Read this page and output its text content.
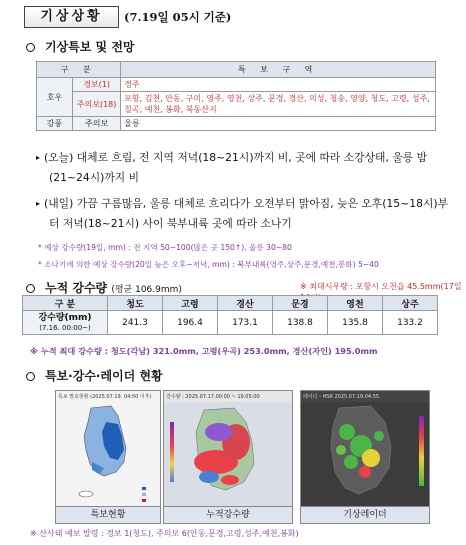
기상상황	(7.19일 05시 기준)
기상특보 및 전망
구 분		특 보 구 역
호우	경보(1)	경주
	주의보(18)	포항, 김천, 안동, 구미, 영주, 영천, 상주, 문경, 경산, 의성, 청송, 영양, 청도, 고령, 성주, 칠곡, 예천, 봉화, 북동산지
강풍	주의보	울릉
▸ (오늘) 대체로 흐림, 전 지역 저녁(18~21시)까지 비, 곳에 따라 소강상태, 울릉 밤(21~24시)까지 비
▸ (내일) 가끔 구름많음, 울릉 대체로 흐리다가 오전부터 맑아짐, 늦은 오후(15~18시)부터 저녁(18~21시) 사이 북부내륙 곳에 따라 소나기
* 예상 강수량(19일, mm) : 전 지역 50~100(많은 곳 150↑), 울릉 30~80
* 소나기에 의한 예상 강수량(20일 늦은 오후~저녁, mm) : 북부내륙(영주,상주,문경,예천,봉화) 5~40
누적 강수량 (평균 106.9mm)	※ 최대시우량 : 포항시 오천읍 45.5mm(17일
구 분	청도	고령	경산	문경	영천	상주

강수량(mm)
(7.16. 00:00~)	241.3	196.4	173.1	138.8	135.8	133.2
※ 누적 최대 강수량 : 청도(각남) 321.0mm, 고령(우곡) 253.0mm, 경산(자인) 195.0mm
특보·강수·레이더 현황
특보 발효현황 (2025.07.19. 04:50 이후)
특보현황
강수량 : 2025.07.17.00:00 ~ 19.05:00
누적강수량
레이더 - HSR 2025.07.19.04:55
기상레이더
※ 산사태 예보 발령 : 경보 1(청도), 주의보 6(안동,문경,고령,성주,예천,봉화)
